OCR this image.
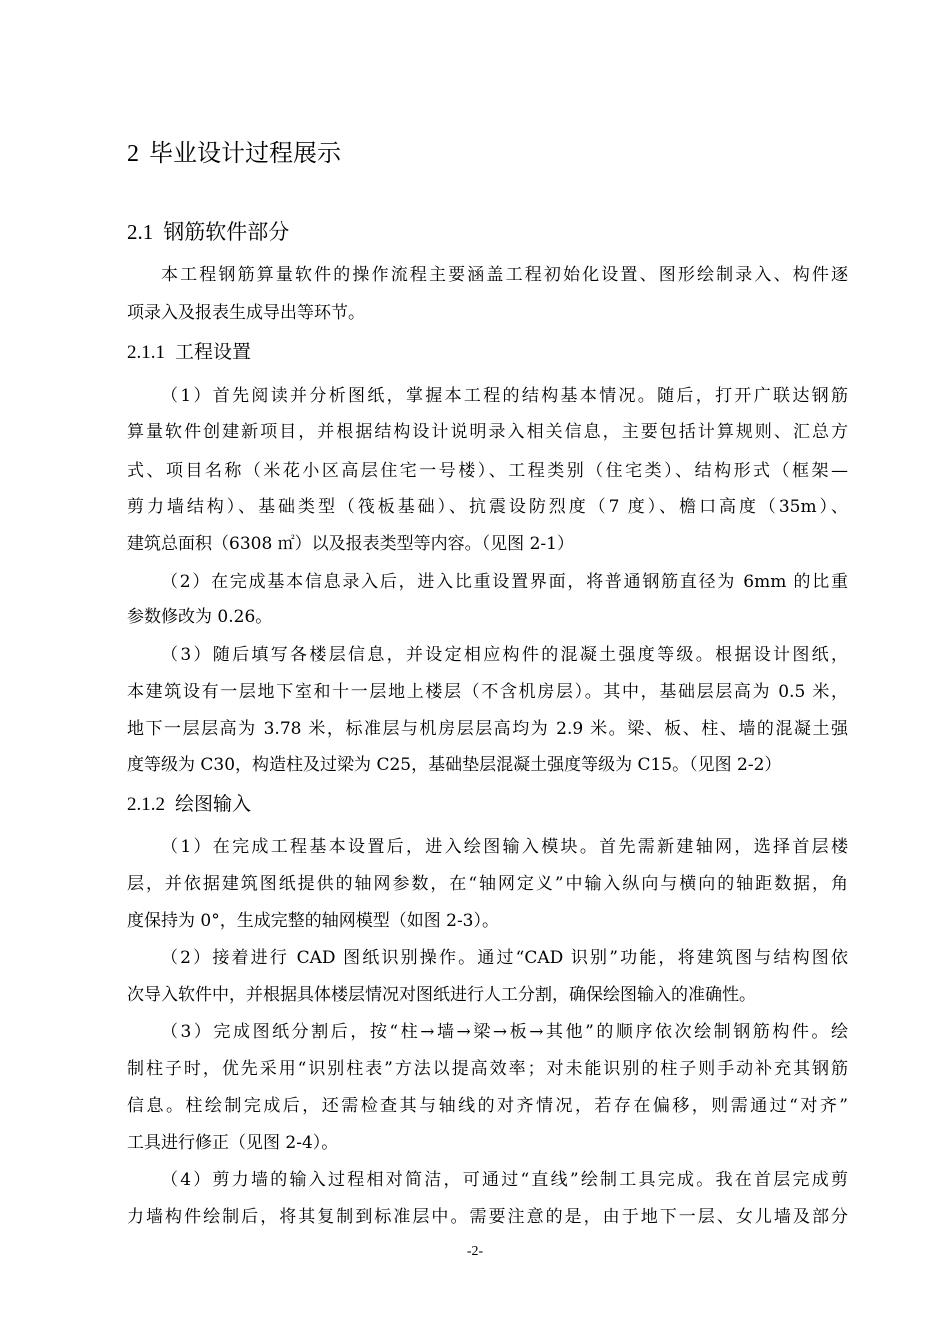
2 毕业设计过程展示
2.1 钢筋软件部分
本工程钢筋算量软件的操作流程主要涵盖工程初始化设置、图形绘制录入、构件逐
项录入及报表生成导出等环节。
2.1.1 工程设置
（1）首先阅读并分析图纸，掌握本工程的结构基本情况。随后，打开广联达钢筋
算量软件创建新项目，并根据结构设计说明录入相关信息，主要包括计算规则、汇总方
式、项目名称（米花小区高层住宅一号楼）、工程类别（住宅类）、结构形式（框架—
剪力墙结构）、基础类型（筏板基础）、抗震设防烈度（7 度）、檐口高度（35m）、
建筑总面积（6308 ㎡）以及报表类型等内容。（见图 2-1）
（2）在完成基本信息录入后，进入比重设置界面，将普通钢筋直径为 6mm 的比重
参数修改为 0.26。
（3）随后填写各楼层信息，并设定相应构件的混凝土强度等级。根据设计图纸，
本建筑设有一层地下室和十一层地上楼层（不含机房层）。其中，基础层层高为 0.5 米，
地下一层层高为 3.78 米，标准层与机房层层高均为 2.9 米。梁、板、柱、墙的混凝土强
度等级为 C30，构造柱及过梁为 C25，基础垫层混凝土强度等级为 C15。（见图 2-2）
2.1.2 绘图输入
（1）在完成工程基本设置后，进入绘图输入模块。首先需新建轴网，选择首层楼
层，并依据建筑图纸提供的轴网参数，在“轴网定义”中输入纵向与横向的轴距数据，角
度保持为 0°，生成完整的轴网模型（如图 2-3）。
（2）接着进行 CAD 图纸识别操作。通过“CAD 识别”功能，将建筑图与结构图依
次导入软件中，并根据具体楼层情况对图纸进行人工分割，确保绘图输入的准确性。
（3）完成图纸分割后，按“柱→墙→梁→板→其他”的顺序依次绘制钢筋构件。绘
制柱子时，优先采用“识别柱表”方法以提高效率；对未能识别的柱子则手动补充其钢筋
信息。柱绘制完成后，还需检查其与轴线的对齐情况，若存在偏移，则需通过“对齐”
工具进行修正（见图 2-4）。
（4）剪力墙的输入过程相对简洁，可通过“直线”绘制工具完成。我在首层完成剪
力墙构件绘制后，将其复制到标准层中。需要注意的是，由于地下一层、女儿墙及部分
-2-
